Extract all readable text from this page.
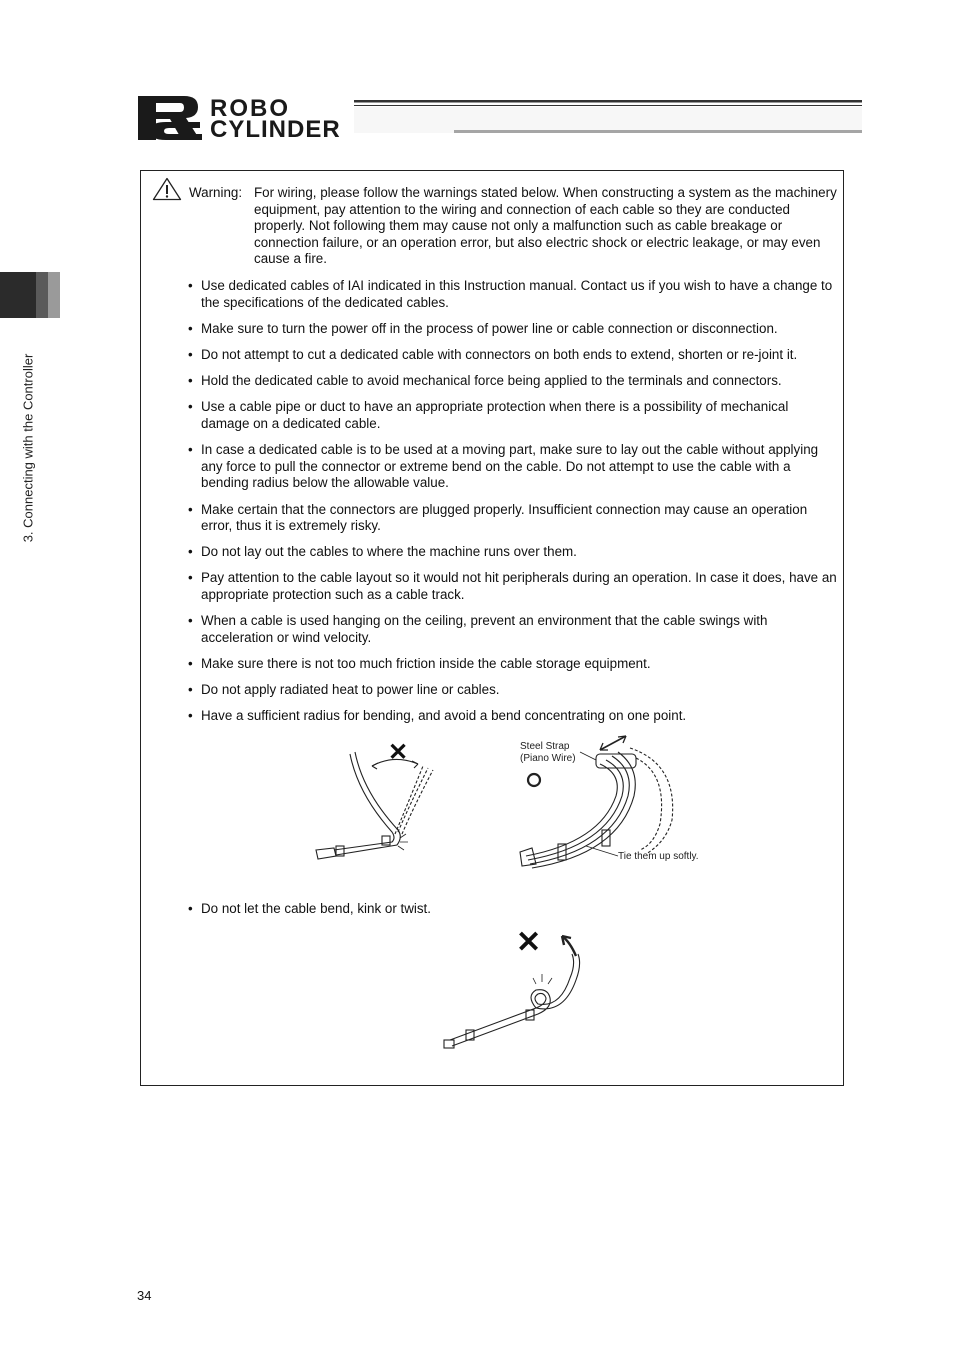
ROBO
CYLINDER
3. Connecting with the Controller
Warning: For wiring, please follow the warnings stated below. When constructing a system as the machinery equipment, pay attention to the wiring and connection of each cable so they are conducted properly. Not following them may cause not only a malfunction such as cable breakage or connection failure, or an operation error, but also electric shock or electric leakage, or may even cause a fire.
• Use dedicated cables of IAI indicated in this Instruction manual. Contact us if you wish to have a change to the specifications of the dedicated cables.
• Make sure to turn the power off in the process of power line or cable connection or disconnection.
• Do not attempt to cut a dedicated cable with connectors on both ends to extend, shorten or re-joint it.
• Hold the dedicated cable to avoid mechanical force being applied to the terminals and connectors.
• Use a cable pipe or duct to have an appropriate protection when there is a possibility of mechanical damage on a dedicated cable.
• In case a dedicated cable is to be used at a moving part, make sure to lay out the cable without applying any force to pull the connector or extreme bend on the cable. Do not attempt to use the cable with a bending radius below the allowable value.
• Make certain that the connectors are plugged properly. Insufficient connection may cause an operation error, thus it is extremely risky.
• Do not lay out the cables to where the machine runs over them.
• Pay attention to the cable layout so it would not hit peripherals during an operation. In case it does, have an appropriate protection such as a cable track.
• When a cable is used hanging on the ceiling, prevent an environment that the cable swings with acceleration or wind velocity.
• Make sure there is not too much friction inside the cable storage equipment.
• Do not apply radiated heat to power line or cables.
• Have a sufficient radius for bending, and avoid a bend concentrating on one point.
✕	Steel Strap
(Piano Wire)
Tie them up softly.
• Do not let the cable bend, kink or twist.
✕
34
